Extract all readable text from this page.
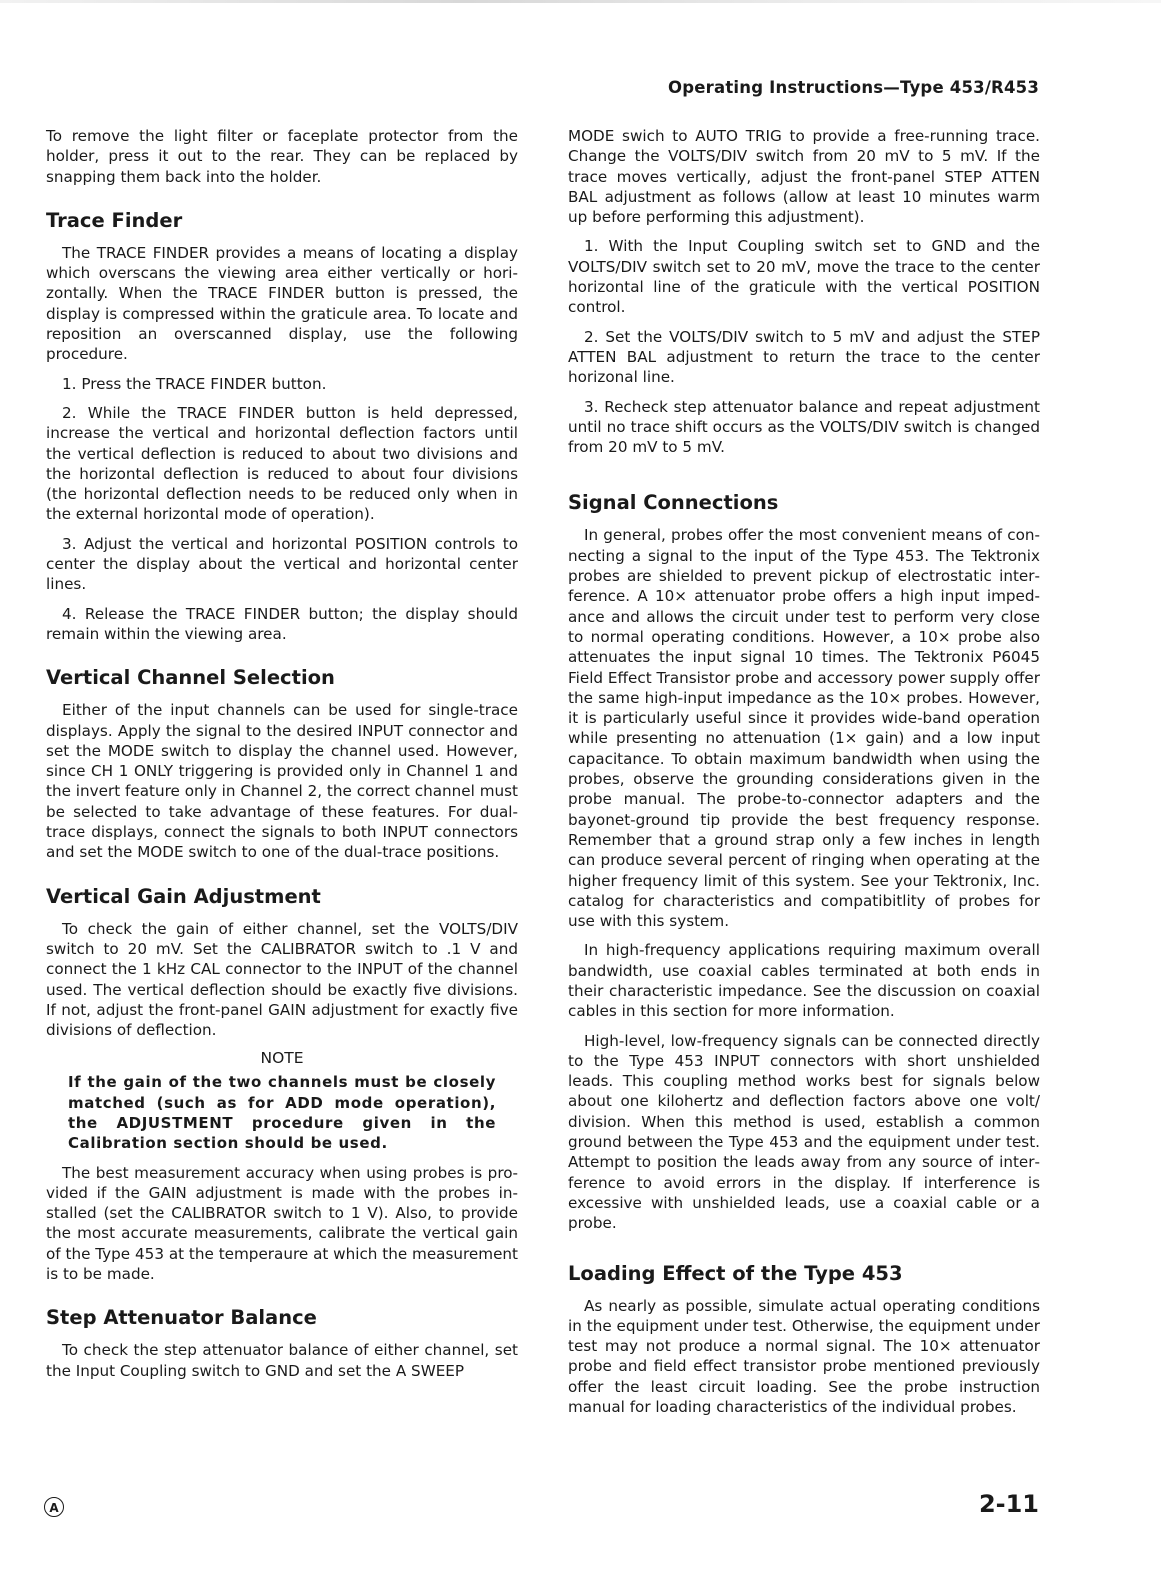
Operating Instructions—Type 453/R453

To remove the light filter or faceplate protector from the holder, press it out to the rear. They can be replaced by snapping them back into the holder.

Trace Finder

The TRACE FINDER provides a means of locating a display which overscans the viewing area either vertically or horizontally. When the TRACE FINDER button is pressed, the display is compressed within the graticule area. To locate and reposition an overscanned display, use the following procedure.

1. Press the TRACE FINDER button.

2. While the TRACE FINDER button is held depressed, increase the vertical and horizontal deflection factors until the vertical deflection is reduced to about two divisions and the horizontal deflection is reduced to about four divisions (the horizontal deflection needs to be reduced only when in the external horizontal mode of operation).

3. Adjust the vertical and horizontal POSITION controls to center the display about the vertical and horizontal center lines.

4. Release the TRACE FINDER button; the display should remain within the viewing area.

Vertical Channel Selection

Either of the input channels can be used for single-trace displays. Apply the signal to the desired INPUT connector and set the MODE switch to display the channel used. However, since CH 1 ONLY triggering is provided only in Channel 1 and the invert feature only in Channel 2, the correct channel must be selected to take advantage of these features. For dual-trace displays, connect the signals to both INPUT connectors and set the MODE switch to one of the dual-trace positions.

Vertical Gain Adjustment

To check the gain of either channel, set the VOLTS/DIV switch to 20 mV. Set the CALIBRATOR switch to .1 V and connect the 1 kHz CAL connector to the INPUT of the channel used. The vertical deflection should be exactly five divisions. If not, adjust the front-panel GAIN adjustment for exactly five divisions of deflection.

NOTE
If the gain of the two channels must be closely matched (such as for ADD mode operation), the ADJUSTMENT procedure given in the Calibration section should be used.

The best measurement accuracy when using probes is provided if the GAIN adjustment is made with the probes installed (set the CALIBRATOR switch to 1 V). Also, to provide the most accurate measurements, calibrate the vertical gain of the Type 453 at the temperaure at which the measurement is to be made.

Step Attenuator Balance

To check the step attenuator balance of either channel, set the Input Coupling switch to GND and set the A SWEEP

MODE swich to AUTO TRIG to provide a free-running trace. Change the VOLTS/DIV switch from 20 mV to 5 mV. If the trace moves vertically, adjust the front-panel STEP ATTEN BAL adjustment as follows (allow at least 10 minutes warm up before performing this adjustment).

1. With the Input Coupling switch set to GND and the VOLTS/DIV switch set to 20 mV, move the trace to the center horizontal line of the graticule with the vertical POSITION control.

2. Set the VOLTS/DIV switch to 5 mV and adjust the STEP ATTEN BAL adjustment to return the trace to the center horizonal line.

3. Recheck step attenuator balance and repeat adjustment until no trace shift occurs as the VOLTS/DIV switch is changed from 20 mV to 5 mV.

Signal Connections

In general, probes offer the most convenient means of connecting a signal to the input of the Type 453. The Tektronix probes are shielded to prevent pickup of electrostatic interference. A 10× attenuator probe offers a high input impedance and allows the circuit under test to perform very close to normal operating conditions. However, a 10× probe also attenuates the input signal 10 times. The Tektronix P6045 Field Effect Transistor probe and accessory power supply offer the same high-input impedance as the 10× probes. However, it is particularly useful since it provides wide-band operation while presenting no attenuation (1× gain) and a low input capacitance. To obtain maximum bandwidth when using the probes, observe the grounding considerations given in the probe manual. The probe-to-connector adapters and the bayonet-ground tip provide the best frequency response. Remember that a ground strap only a few inches in length can produce several percent of ringing when operating at the higher frequency limit of this system. See your Tektronix, Inc. catalog for characteristics and compatibitlity of probes for use with this system.

In high-frequency applications requiring maximum overall bandwidth, use coaxial cables terminated at both ends in their characteristic impedance. See the discussion on coaxial cables in this section for more information.

High-level, low-frequency signals can be connected directly to the Type 453 INPUT connectors with short unshielded leads. This coupling method works best for signals below about one kilohertz and deflection factors above one volt/ division. When this method is used, establish a common ground between the Type 453 and the equipment under test. Attempt to position the leads away from any source of interference to avoid errors in the display. If interference is excessive with unshielded leads, use a coaxial cable or a probe.

Loading Effect of the Type 453

As nearly as possible, simulate actual operating conditions in the equipment under test. Otherwise, the equipment under test may not produce a normal signal. The 10× attenuator probe and field effect transistor probe mentioned previously offer the least circuit loading. See the probe instruction manual for loading characteristics of the individual probes.

A	2-11
